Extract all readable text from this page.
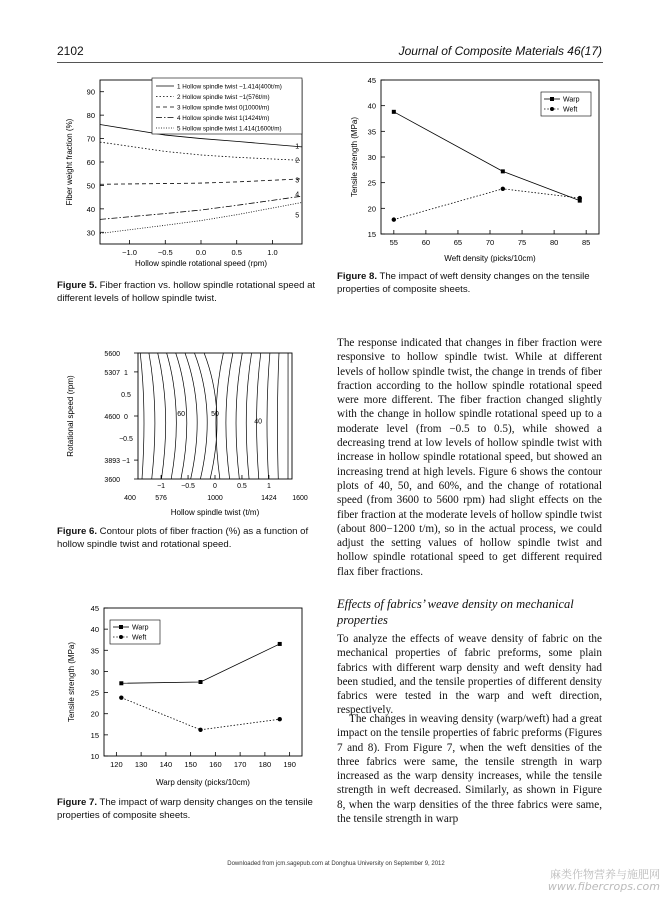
2102	Journal of Composite Materials 46(17)
30
40
50
60
70
80
90
−1.0	−0.5	0.0	0.5	1.0
1
2
3
4
5
1 Hollow spindle twist −1.414(400t/m)
2 Hollow spindle twist −1(576t/m)
3 Hollow spindle twist 0(1000t/m)
4 Hollow spindle twist 1(1424t/m)
5 Hollow spindle twist 1.414(1600t/m)
Hollow spindle rotational speed (rpm)
Fiber weight fraction (%)
Figure 5. Fiber fraction vs. hollow spindle rotational speed at different levels of hollow spindle twist.
60	50
40
5600
5307
4600
3893
3600
1
0.5
0
−0.5
−1
−1 −0.5	0	0.5	1
400	576	1000	1424 1600
Hollow spindle twist (t/m)
Rotational speed (rpm)
Figure 6. Contour plots of fiber fraction (%) as a function of hollow spindle twist and rotational speed.
10
15
20
25
30
35
40
45
120 130 140 150 160 170 180 190
Warp
Weft
Warp density (picks/10cm)
Tensile strength (MPa)
Figure 7. The impact of warp density changes on the tensile properties of composite sheets.
15
20
25
30
35
40
45
55	60	65	70	75	80	85
Warp
Weft
Weft density (picks/10cm)
Tensile strength (MPa)
Figure 8. The impact of weft density changes on the tensile properties of composite sheets.
The response indicated that changes in fiber fraction were responsive to hollow spindle twist. While at different levels of hollow spindle twist, the change in trends of fiber fraction according to the hollow spindle rotational speed were more different. The fiber fraction changed slightly with the change in hollow spindle rotational speed up to a moderate level (from −0.5 to 0.5), while showed a decreasing trend at low levels of hollow spindle twist with increase in hollow spindle rotational speed, but showed an increasing trend at high levels. Figure 6 shows the contour plots of 40, 50, and 60%, and the change of rotational speed (from 3600 to 5600 rpm) had slight effects on the fiber fraction at the moderate levels of hollow spindle twist (about 800−1200 t/m), so in the actual process, we could adjust the setting values of hollow spindle twist and hollow spindle rotational speed to get different required flax fiber fractions.
Effects of fabrics’ weave density on mechanical properties
To analyze the effects of weave density of fabric on the mechanical properties of fabric preforms, some plain fabrics with different warp density and weft density had been studied, and the tensile properties of different density fabrics were tested in the warp and weft direction, respectively.
The changes in weaving density (warp/weft) had a great impact on the tensile properties of fabric preforms (Figures 7 and 8). From Figure 7, when the weft densities of the three fabrics were same, the tensile strength in warp increased as the warp density increases, while the tensile strength in weft decreased. Similarly, as shown in Figure 8, when the warp densities of the three fabrics were same, the tensile strength in warp
Downloaded from jcm.sagepub.com at Donghua University on September 9, 2012
麻类作物营养与施肥网
www.fibercrops.com
